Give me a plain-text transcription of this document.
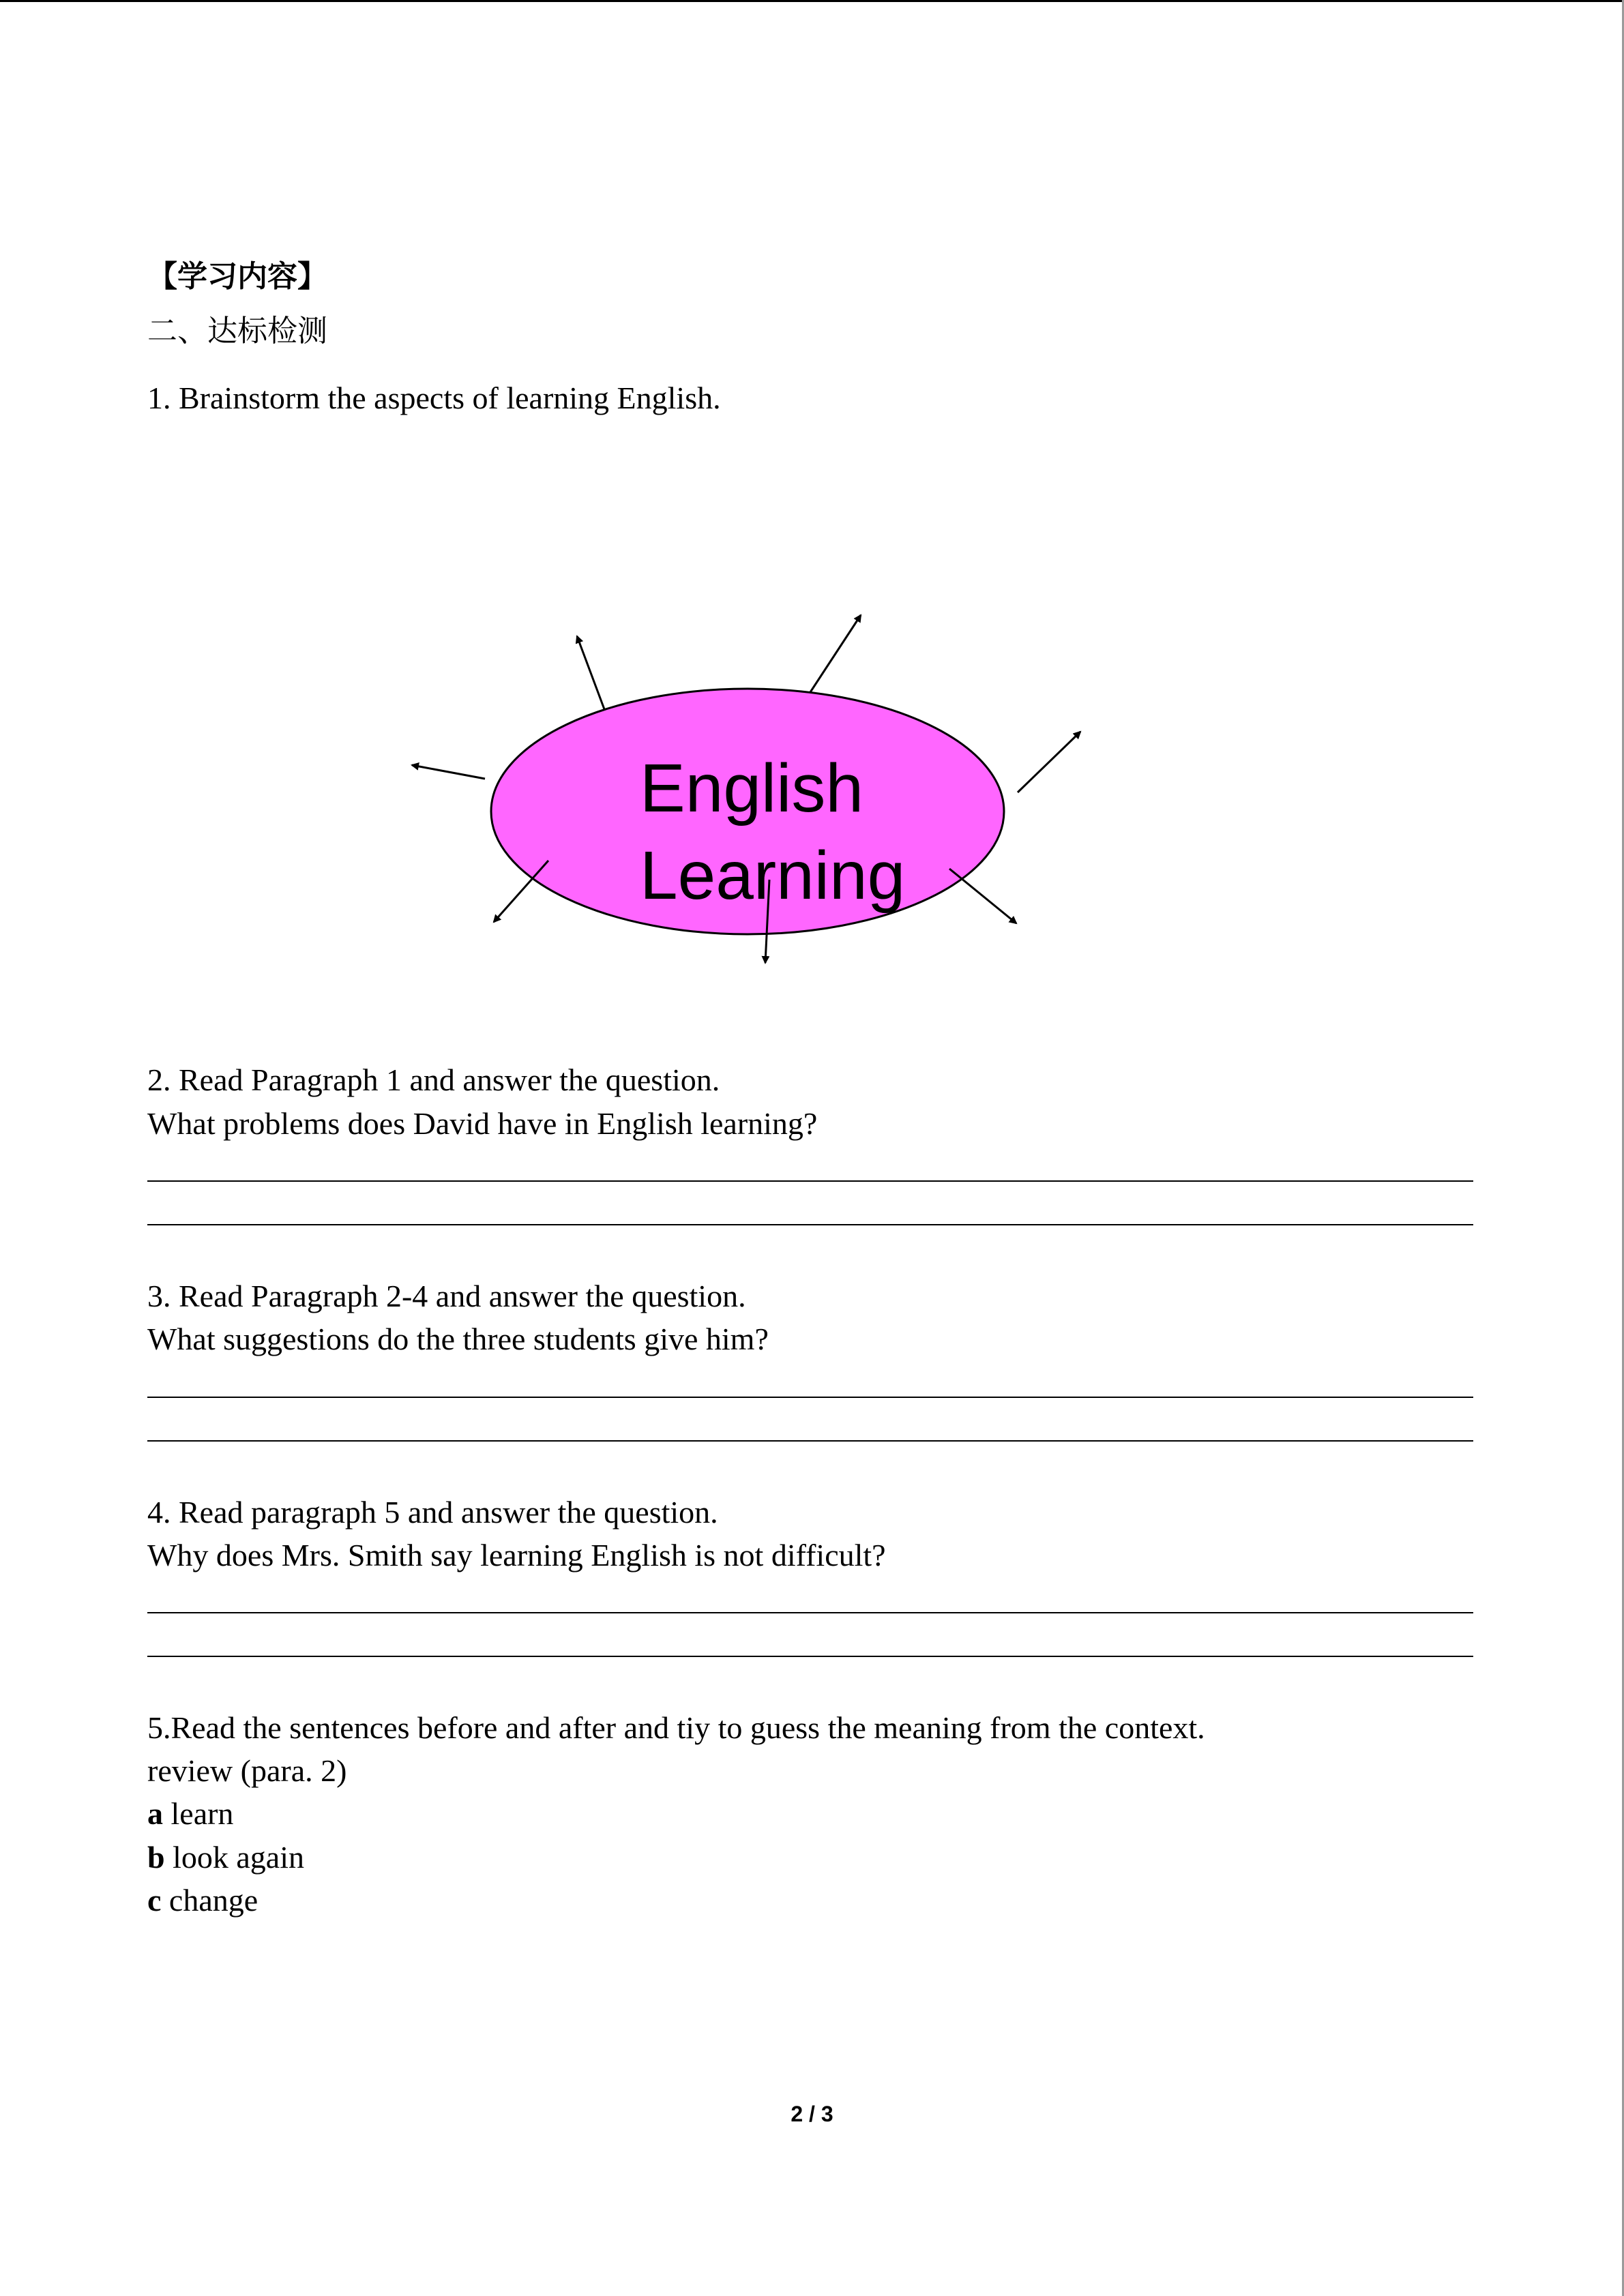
【学习内容】
二、达标检测
1. Brainstorm the aspects of learning English.
English
Learning
2. Read Paragraph 1 and answer the question.
What problems does David have in English learning?
3. Read Paragraph 2-4 and answer the question.
What suggestions do the three students give him?
4. Read paragraph 5 and answer the question.
Why does Mrs. Smith say learning English is not difficult?
5.Read the sentences before and after and tiy to guess the meaning from the context.
review (para. 2)
a learn
b look again
c change
2 / 3
